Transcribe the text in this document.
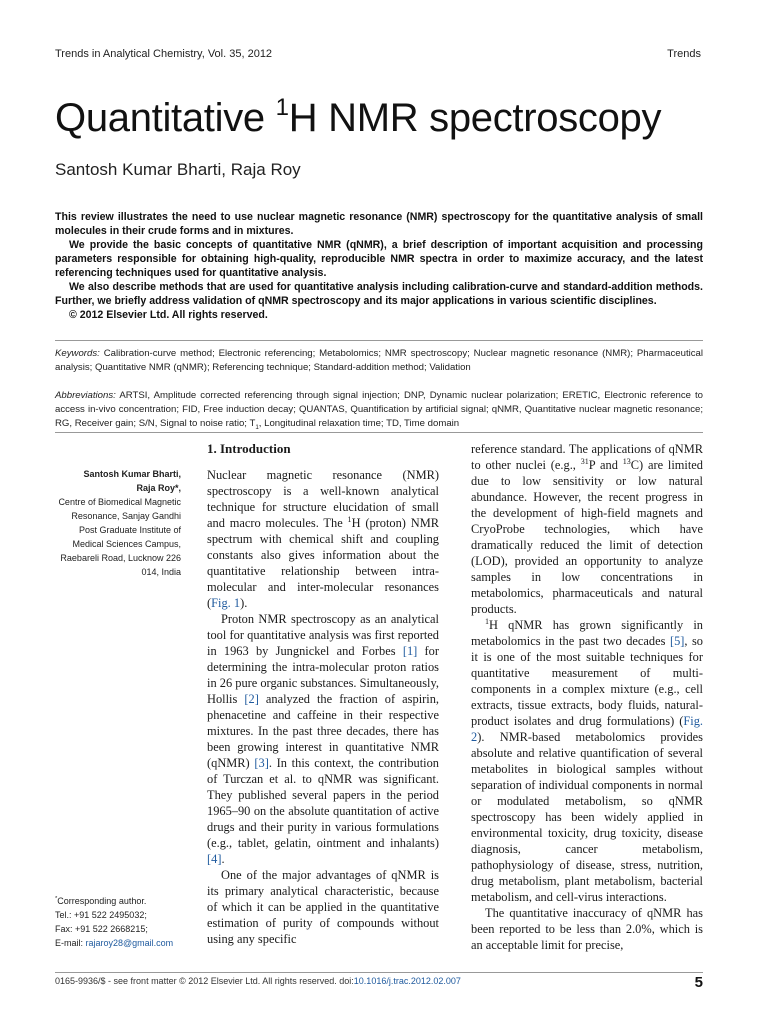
Trends in Analytical Chemistry, Vol. 35, 2012	Trends
Quantitative $^1$H NMR spectroscopy
Santosh Kumar Bharti, Raja Roy

This review illustrates the need to use nuclear magnetic resonance (NMR) spectroscopy for the quantitative analysis of small molecules in their crude forms and in mixtures.

We provide the basic concepts of quantitative NMR (qNMR), a brief description of important acquisition and processing parameters responsible for obtaining high-quality, reproducible NMR spectra in order to maximize accuracy, and the latest referencing techniques used for quantitative analysis.

We also describe methods that are used for quantitative analysis including calibration-curve and standard-addition methods. Further, we briefly address validation of qNMR spectroscopy and its major applications in various scientific disciplines.

© 2012 Elsevier Ltd. All rights reserved.

Keywords: Calibration-curve method; Electronic referencing; Metabolomics; NMR spectroscopy; Nuclear magnetic resonance (NMR); Pharmaceutical analysis; Quantitative NMR (qNMR); Referencing technique; Standard-addition method; Validation
Abbreviations: ARTSI, Amplitude corrected referencing through signal injection; DNP, Dynamic nuclear polarization; ERETIC, Electronic reference to access in-vivo concentration; FID, Free induction decay; QUANTAS, Quantification by artificial signal; qNMR, Quantitative nuclear magnetic resonance; RG, Receiver gain; S/N, Signal to noise ratio; $T_1$, Longitudinal relaxation time; TD, Time domain
Santosh Kumar Bharti,
Raja Roy*,
Centre of Biomedical Magnetic Resonance, Sanjay Gandhi Post Graduate Institute of Medical Sciences Campus, Raebareli Road, Lucknow 226 014, India
*Corresponding author.
Tel.: +91 522 2495032;
Fax: +91 522 2668215;
E-mail: rajaroy28@gmail.com
1. Introduction

Nuclear magnetic resonance (NMR) spectroscopy is a well-known analytical technique for structure elucidation of small and macro molecules. The $^1$H (proton) NMR spectrum with chemical shift and coupling constants also gives information about the quantitative relationship between intra-molecular and inter-molecular resonances (Fig. 1).

Proton NMR spectroscopy as an analytical tool for quantitative analysis was first reported in 1963 by Jungnickel and Forbes [1] for determining the intra-molecular proton ratios in 26 pure organic substances. Simultaneously, Hollis [2] analyzed the fraction of aspirin, phenacetine and caffeine in their respective mixtures. In the past three decades, there has been growing interest in quantitative NMR (qNMR) [3]. In this context, the contribution of Turczan et al. to qNMR was significant. They published several papers in the period 1965–90 on the absolute quantitation of active drugs and their purity in various formulations (e.g., tablet, gelatin, ointment and inhalants) [4].

One of the major advantages of qNMR is its primary analytical characteristic, because of which it can be applied in the quantitative estimation of purity of compounds without using any specific

reference standard. The applications of qNMR to other nuclei (e.g., $^{31}$P and $^{13}$C) are limited due to low sensitivity or low natural abundance. However, the recent progress in the development of high-field magnets and CryoProbe technologies, which have dramatically reduced the limit of detection (LOD), provided an opportunity to analyze samples in low concentrations in metabolomics, pharmaceuticals and natural products.

$^1$H qNMR has grown significantly in metabolomics in the past two decades [5], so it is one of the most suitable techniques for quantitative measurement of multi-components in a complex mixture (e.g., cell extracts, tissue extracts, body fluids, natural-product isolates and drug formulations) (Fig. 2). NMR-based metabolomics provides absolute and relative quantification of several metabolites in biological samples without separation of individual components in normal or modulated metabolism, so qNMR spectroscopy has been widely applied in environmental toxicity, drug toxicity, disease diagnosis, cancer metabolism, pathophysiology of disease, stress, nutrition, drug metabolism, plant metabolism, bacterial metabolism, and cell-virus interactions.

The quantitative inaccuracy of qNMR has been reported to be less than 2.0%, which is an acceptable limit for precise,

0165-9936/$ - see front matter © 2012 Elsevier Ltd. All rights reserved. doi:10.1016/j.trac.2012.02.007	5
